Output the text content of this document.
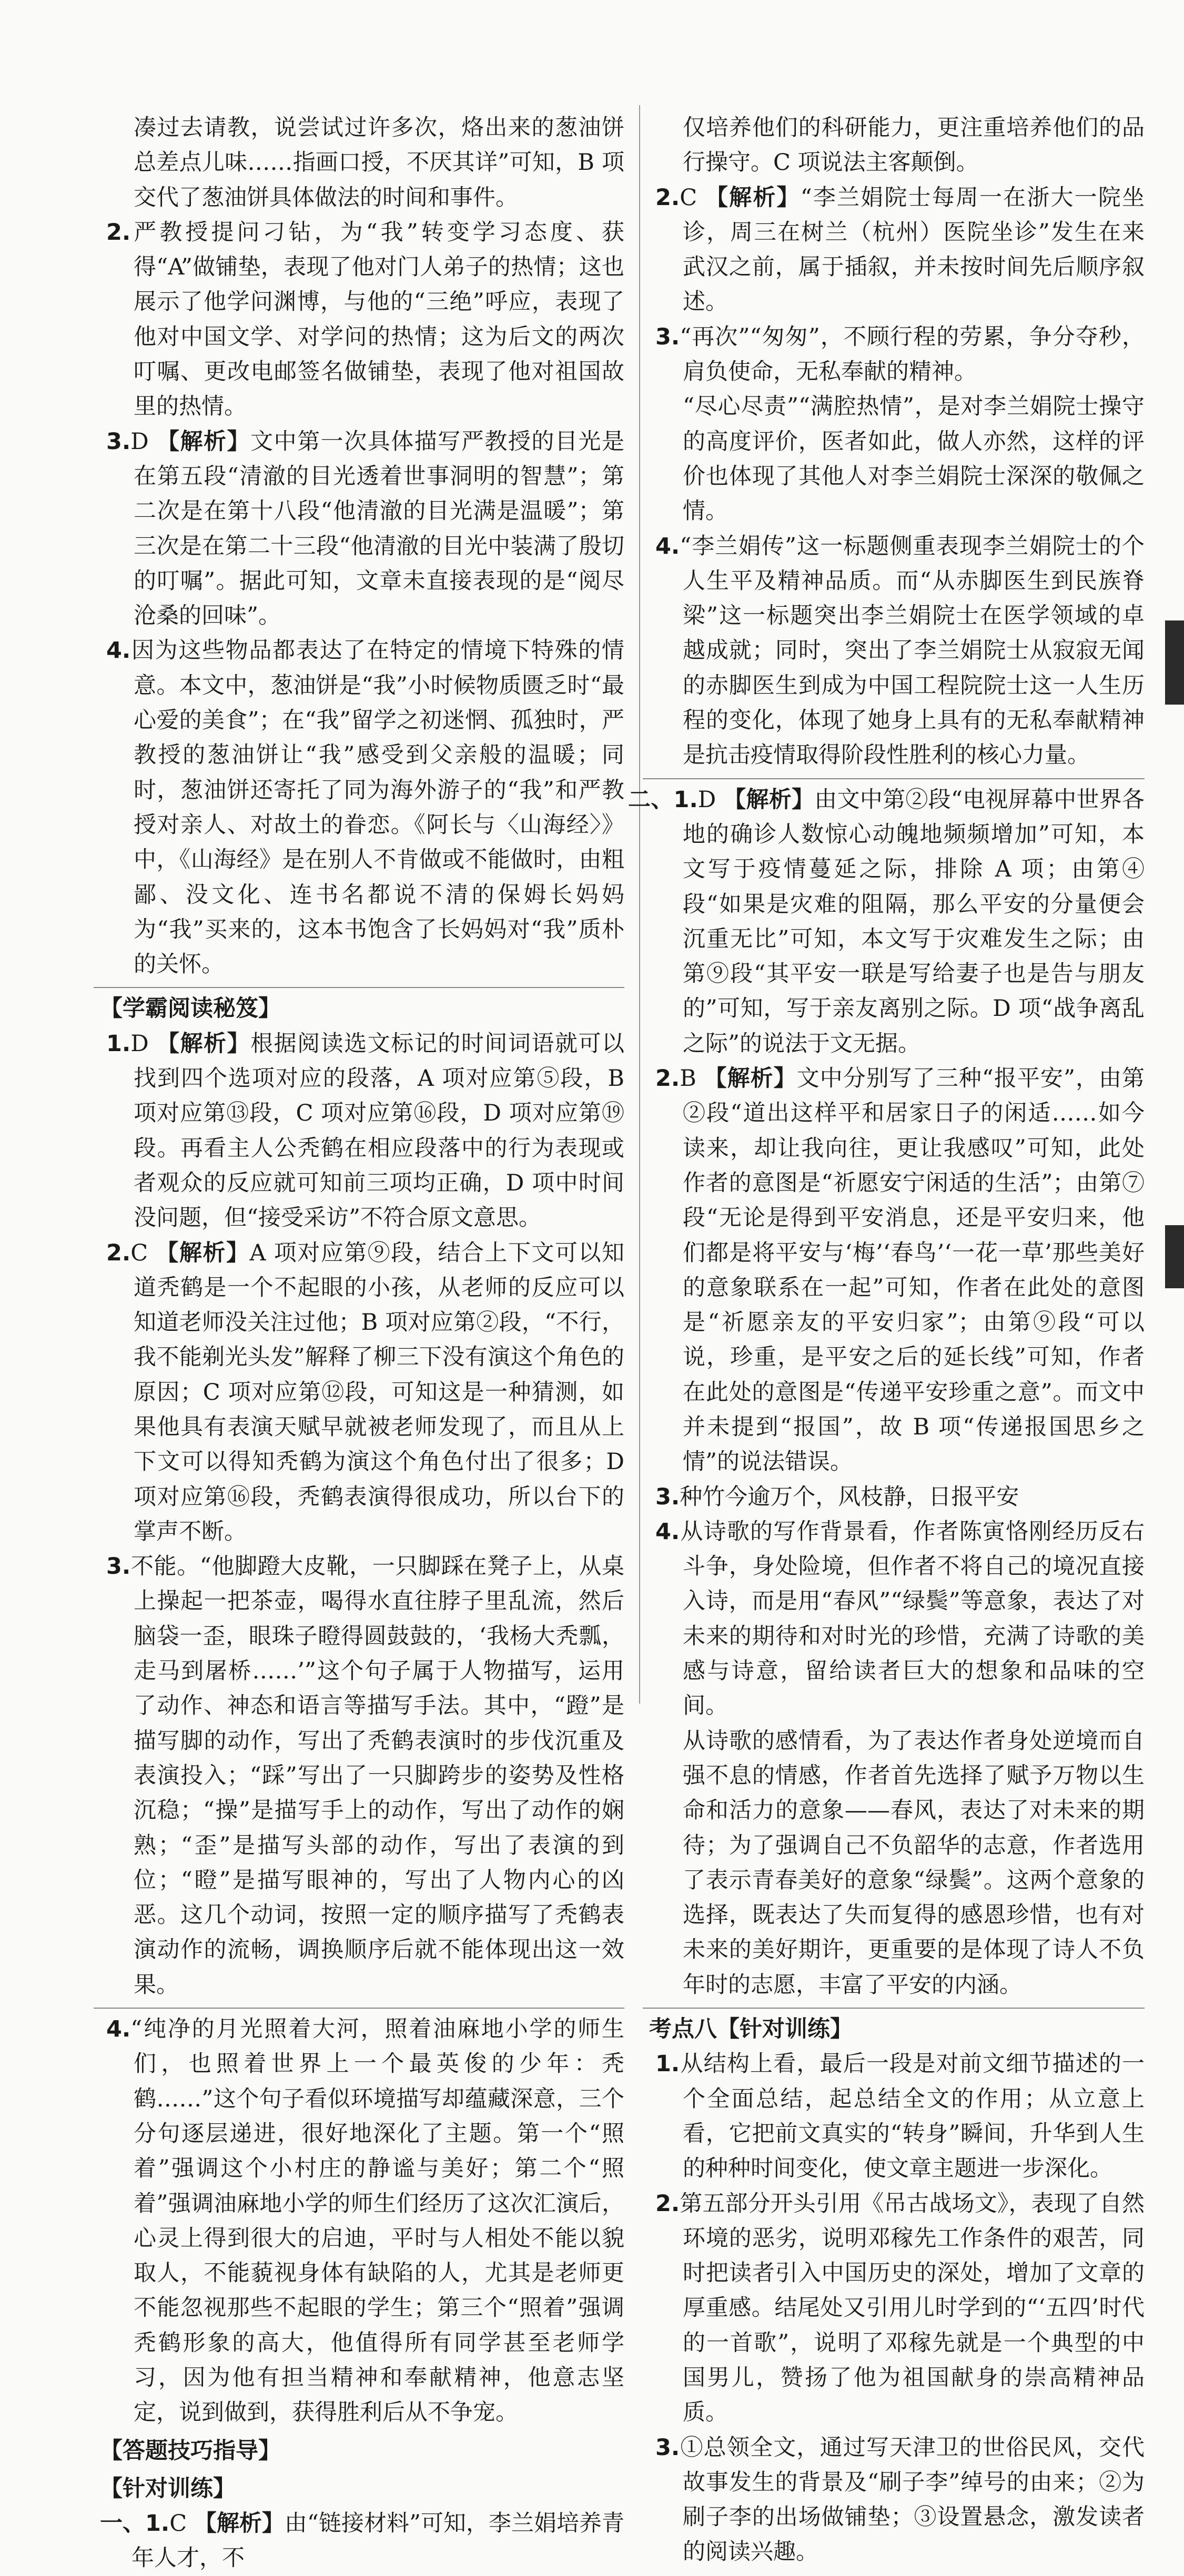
凑过去请教，说尝试过许多次，烙出来的葱油饼总差点儿味……指画口授，不厌其详”可知，B 项交代了葱油饼具体做法的时间和事件。

2.严教授提问刁钻，为“我”转变学习态度、获得“A”做铺垫，表现了他对门人弟子的热情；这也展示了他学问渊博，与他的“三绝”呼应，表现了他对中国文学、对学问的热情；这为后文的两次叮嘱、更改电邮签名做铺垫，表现了他对祖国故里的热情。

3.D 【解析】文中第一次具体描写严教授的目光是在第五段“清澈的目光透着世事洞明的智慧”；第二次是在第十八段“他清澈的目光满是温暖”；第三次是在第二十三段“他清澈的目光中装满了殷切的叮嘱”。据此可知，文章未直接表现的是“阅尽沧桑的回味”。

4.因为这些物品都表达了在特定的情境下特殊的情意。本文中，葱油饼是“我”小时候物质匮乏时“最心爱的美食”；在“我”留学之初迷惘、孤独时，严教授的葱油饼让“我”感受到父亲般的温暖；同时，葱油饼还寄托了同为海外游子的“我”和严教授对亲人、对故土的眷恋。《阿长与〈山海经〉》中，《山海经》是在别人不肯做或不能做时，由粗鄙、没文化、连书名都说不清的保姆长妈妈为“我”买来的，这本书饱含了长妈妈对“我”质朴的关怀。

【学霸阅读秘笈】

1.D 【解析】根据阅读选文标记的时间词语就可以找到四个选项对应的段落，A 项对应第⑤段，B 项对应第⑬段，C 项对应第⑯段，D 项对应第⑲段。再看主人公秃鹤在相应段落中的行为表现或者观众的反应就可知前三项均正确，D 项中时间没问题，但“接受采访”不符合原文意思。

2.C 【解析】A 项对应第⑨段，结合上下文可以知道秃鹤是一个不起眼的小孩，从老师的反应可以知道老师没关注过他；B 项对应第②段，“不行，我不能剃光头发”解释了柳三下没有演这个角色的原因；C 项对应第⑫段，可知这是一种猜测，如果他具有表演天赋早就被老师发现了，而且从上下文可以得知秃鹤为演这个角色付出了很多；D 项对应第⑯段，秃鹤表演得很成功，所以台下的掌声不断。

3.不能。“他脚蹬大皮靴，一只脚踩在凳子上，从桌上操起一把茶壶，喝得水直往脖子里乱流，然后脑袋一歪，眼珠子瞪得圆鼓鼓的，‘我杨大秃瓢，走马到屠桥……’”这个句子属于人物描写，运用了动作、神态和语言等描写手法。其中，“蹬”是描写脚的动作，写出了秃鹤表演时的步伐沉重及表演投入；“踩”写出了一只脚跨步的姿势及性格沉稳；“操”是描写手上的动作，写出了动作的娴熟；“歪”是描写头部的动作，写出了表演的到位；“瞪”是描写眼神的，写出了人物内心的凶恶。这几个动词，按照一定的顺序描写了秃鹤表演动作的流畅，调换顺序后就不能体现出这一效果。

4.“纯净的月光照着大河，照着油麻地小学的师生们，也照着世界上一个最英俊的少年：秃鹤……”这个句子看似环境描写却蕴藏深意，三个分句逐层递进，很好地深化了主题。第一个“照着”强调这个小村庄的静谧与美好；第二个“照着”强调油麻地小学的师生们经历了这次汇演后，心灵上得到很大的启迪，平时与人相处不能以貌取人，不能藐视身体有缺陷的人，尤其是老师更不能忽视那些不起眼的学生；第三个“照着”强调秃鹤形象的高大，他值得所有同学甚至老师学习，因为他有担当精神和奉献精神，他意志坚定，说到做到，获得胜利后从不争宠。

【答题技巧指导】

【针对训练】

一、1.C 【解析】由“链接材料”可知，李兰娟培养青年人才，不

仅培养他们的科研能力，更注重培养他们的品行操守。C 项说法主客颠倒。

2.C 【解析】“李兰娟院士每周一在浙大一院坐诊，周三在树兰（杭州）医院坐诊”发生在来武汉之前，属于插叙，并未按时间先后顺序叙述。

3.“再次”“匆匆”，不顾行程的劳累，争分夺秒，肩负使命，无私奉献的精神。

“尽心尽责”“满腔热情”，是对李兰娟院士操守的高度评价，医者如此，做人亦然，这样的评价也体现了其他人对李兰娟院士深深的敬佩之情。

4.“李兰娟传”这一标题侧重表现李兰娟院士的个人生平及精神品质。而“从赤脚医生到民族脊梁”这一标题突出李兰娟院士在医学领域的卓越成就；同时，突出了李兰娟院士从寂寂无闻的赤脚医生到成为中国工程院院士这一人生历程的变化，体现了她身上具有的无私奉献精神是抗击疫情取得阶段性胜利的核心力量。

二、1.D 【解析】由文中第②段“电视屏幕中世界各地的确诊人数惊心动魄地频频增加”可知，本文写于疫情蔓延之际，排除 A 项；由第④段“如果是灾难的阻隔，那么平安的分量便会沉重无比”可知，本文写于灾难发生之际；由第⑨段“其平安一联是写给妻子也是告与朋友的”可知，写于亲友离别之际。D 项“战争离乱之际”的说法于文无据。

2.B 【解析】文中分别写了三种“报平安”，由第②段“道出这样平和居家日子的闲适……如今读来，却让我向往，更让我感叹”可知，此处作者的意图是“祈愿安宁闲适的生活”；由第⑦段“无论是得到平安消息，还是平安归来，他们都是将平安与‘梅’‘春鸟’‘一花一草’那些美好的意象联系在一起”可知，作者在此处的意图是“祈愿亲友的平安归家”；由第⑨段“可以说，珍重，是平安之后的延长线”可知，作者在此处的意图是“传递平安珍重之意”。而文中并未提到“报国”，故 B 项“传递报国思乡之情”的说法错误。

3.种竹今逾万个，风枝静，日报平安

4.从诗歌的写作背景看，作者陈寅恪刚经历反右斗争，身处险境，但作者不将自己的境况直接入诗，而是用“春风”“绿鬓”等意象，表达了对未来的期待和对时光的珍惜，充满了诗歌的美感与诗意，留给读者巨大的想象和品味的空间。

从诗歌的感情看，为了表达作者身处逆境而自强不息的情感，作者首先选择了赋予万物以生命和活力的意象——春风，表达了对未来的期待；为了强调自己不负韶华的志意，作者选用了表示青春美好的意象“绿鬓”。这两个意象的选择，既表达了失而复得的感恩珍惜，也有对未来的美好期许，更重要的是体现了诗人不负年时的志愿，丰富了平安的内涵。

考点八【针对训练】

1.从结构上看，最后一段是对前文细节描述的一个全面总结，起总结全文的作用；从立意上看，它把前文真实的“转身”瞬间，升华到人生的种种时间变化，使文章主题进一步深化。

2.第五部分开头引用《吊古战场文》，表现了自然环境的恶劣，说明邓稼先工作条件的艰苦，同时把读者引入中国历史的深处，增加了文章的厚重感。结尾处又引用儿时学到的“‘五四’时代的一首歌”，说明了邓稼先就是一个典型的中国男儿，赞扬了他为祖国献身的崇高精神品质。

3.①总领全文，通过写天津卫的世俗民风，交代故事发生的背景及“刷子李”绰号的由来；②为刷子李的出场做铺垫；③设置悬念，激发读者的阅读兴趣。
